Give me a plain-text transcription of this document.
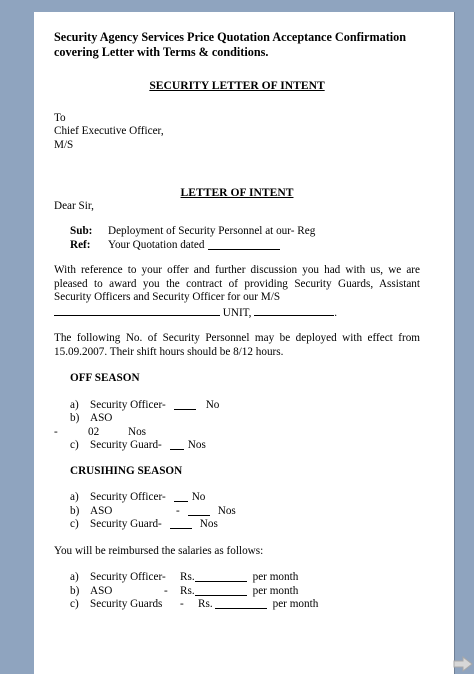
Security Agency Services Price Quotation Acceptance Confirmation covering Letter with Terms & conditions.

SECURITY LETTER OF INTENT

To

Chief Executive Officer,

M/S

LETTER OF INTENT

Dear Sir,

Sub:	Deployment of Security Personnel at our- Reg
Ref:	Your Quotation dated

With reference to your offer and further discussion you had with us, we are pleased to award you the contract of providing Security Guards, Assistant Security Officers and Security Officer for our M/S
UNIT,	.

The following No. of Security Personnel may be deployed with effect from 15.09.2007. Their shift hours should be 8/12 hours.

OFF SEASON

a)	Security Officer-	No
b) ASO
-	02	Nos
c)	Security Guard- Nos

CRUSIHING SEASON

a)	Security Officer- No
b) ASO	-	Nos
c)	Security Guard-	Nos

You will be reimbursed the salaries as follows:

a)	Security Officer-	Rs.	per month
b) ASO	-	Rs.	per month
c)	Security Guards	-	Rs.	per month
